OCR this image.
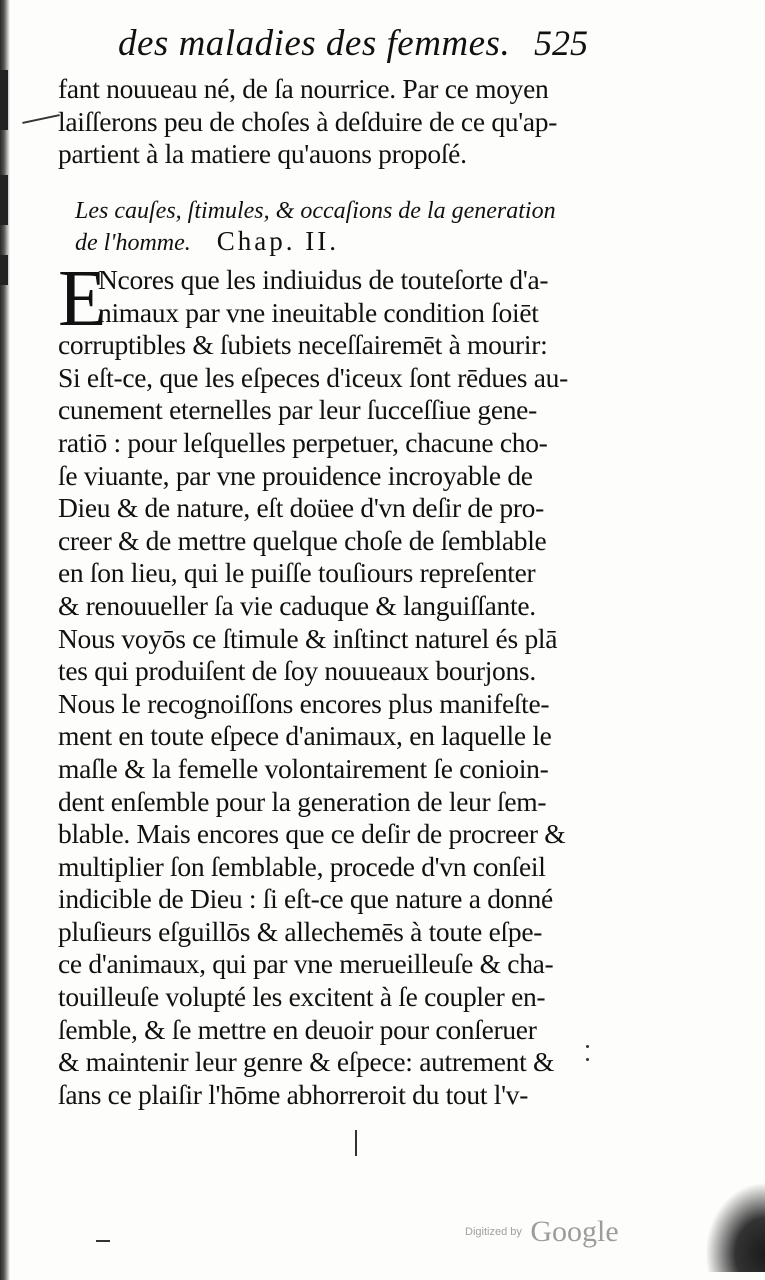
des maladies des femmes. 525
fant nouueau né, de ſa nourrice. Par ce moyen
laiſſerons peu de choſes à deſduire de ce qu'ap-
partient à la matiere qu'auons propoſé.
Les cauſes, ſtimules, & occaſions de la generation
de l'homme. Chap. II.
E
Ncores que les indiuidus de touteſorte d'a-
nimaux par vne ineuitable condition ſoiēt
corruptibles & ſubiets neceſſairemēt à mourir:
Si eſt-ce, que les eſpeces d'iceux ſont rēdues au-
cunement eternelles par leur ſucceſſiue gene-
ratiō : pour leſquelles perpetuer, chacune cho-
ſe viuante, par vne prouidence incroyable de
Dieu & de nature, eſt doüee d'vn deſir de pro-
creer & de mettre quelque choſe de ſemblable
en ſon lieu, qui le puiſſe touſiours repreſenter
& renouueller ſa vie caduque & languiſſante.
Nous voyōs ce ſtimule & inſtinct naturel és plā
tes qui produiſent de ſoy nouueaux bourjons.
Nous le recognoiſſons encores plus manifeſte-
ment en toute eſpece d'animaux, en laquelle le
maſle & la femelle volontairement ſe conioin-
dent enſemble pour la generation de leur ſem-
blable. Mais encores que ce deſir de procreer &
multiplier ſon ſemblable, procede d'vn conſeil
indicible de Dieu : ſi eſt-ce que nature a donné
pluſieurs eſguillōs & allechemēs à toute eſpe-
ce d'animaux, qui par vne merueilleuſe & cha-
touilleuſe volupté les excitent à ſe coupler en-
ſemble, & ſe mettre en deuoir pour conſeruer
& maintenir leur genre & eſpece: autrement &
ſans ce plaiſir l'hōme abhorreroit du tout l'v-
Digitized by Google
